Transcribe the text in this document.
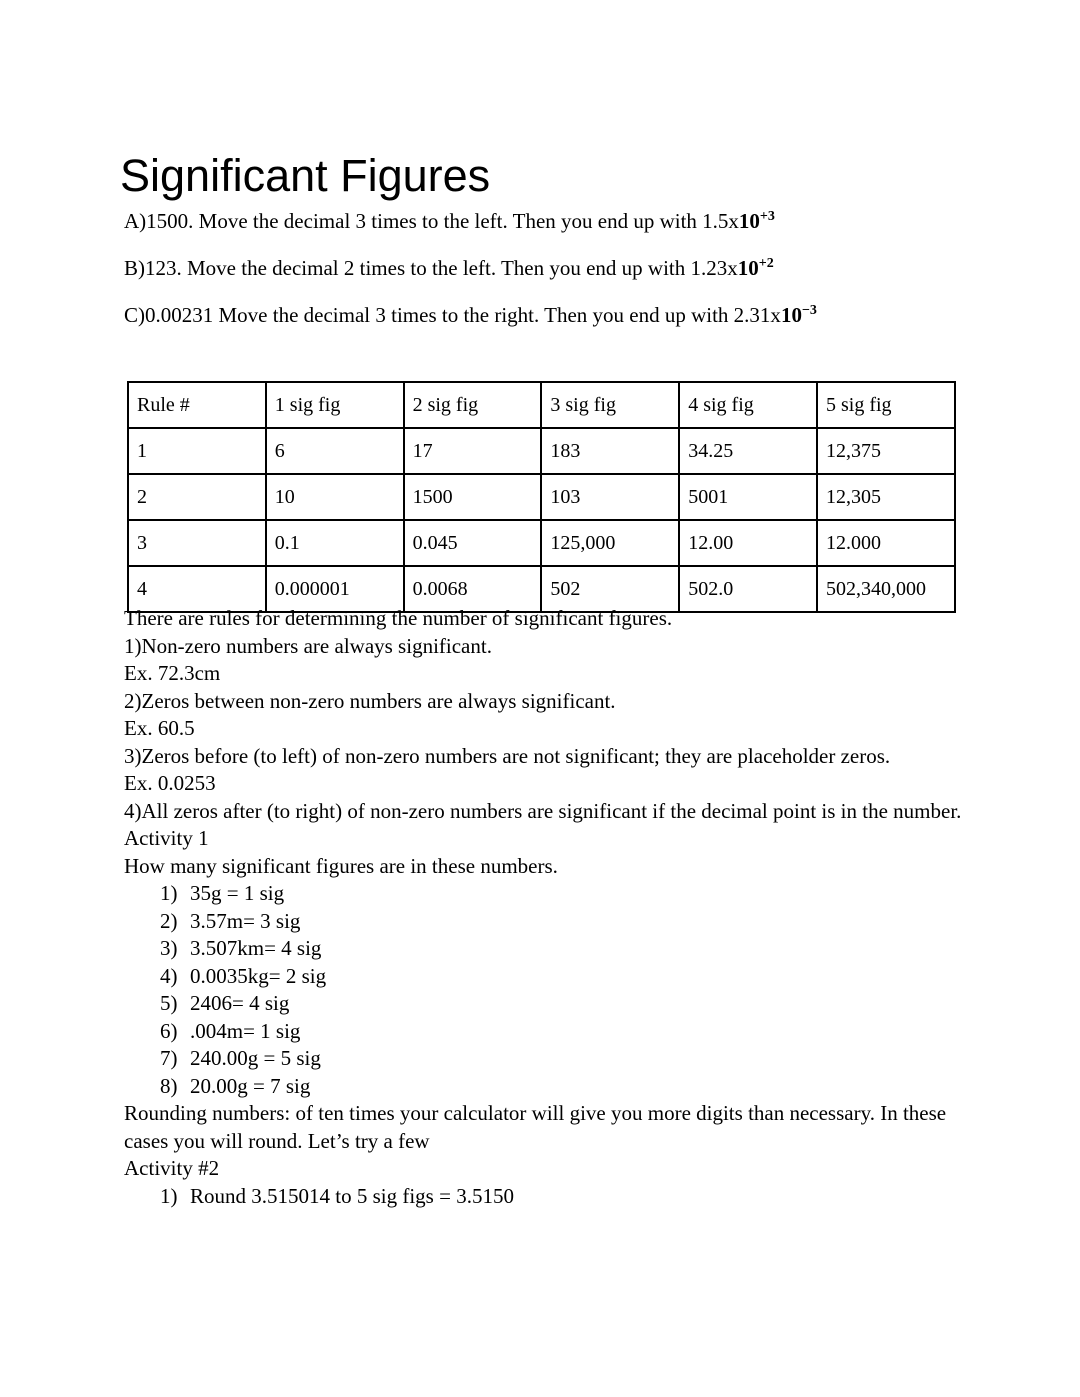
Significant Figures
A)1500. Move the decimal 3 times to the left. Then you end up with $1.5x10^{+3}$
B)123. Move the decimal 2 times to the left. Then you end up with $1.23x10^{+2}$
C)0.00231 Move the decimal 3 times to the right. Then you end up with $2.31x10^{-3}$
Rule #	1 sig fig	2 sig fig	3 sig fig	4 sig fig	5 sig fig
1	6	17	183	34.25	12,375
2	10	1500	103	5001	12,305
3	0.1	0.045	125,000	12.00	12.000
4	0.000001	0.0068	502	502.0	502,340,000
There are rules for determining the number of significant figures.
1)Non-zero numbers are always significant.
Ex. 72.3cm
2)Zeros between non-zero numbers are always significant.
Ex. 60.5
3)Zeros before (to left) of non-zero numbers are not significant; they are placeholder zeros.
Ex. 0.0253
4)All zeros after (to right) of non-zero numbers are significant if the decimal point is in the number.
Activity 1
How many significant figures are in these numbers.
1) 35g = 1 sig
2) 3.57m= 3 sig
3) 3.507km= 4 sig
4) 0.0035kg= 2 sig
5) 2406= 4 sig
6) .004m= 1 sig
7) 240.00g = 5 sig
8) 20.00g = 7 sig
Rounding numbers: of ten times your calculator will give you more digits than necessary. In these cases you will round. Let’s try a few
Activity #2
1) Round 3.515014 to 5 sig figs = 3.5150
